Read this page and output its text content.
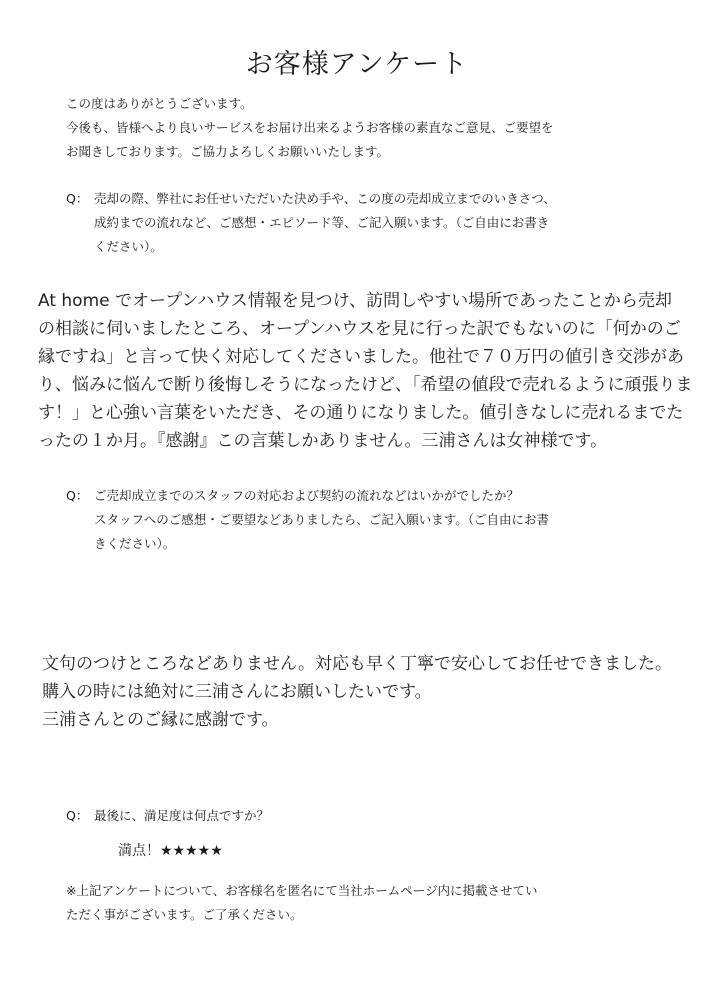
お客様アンケート
この度はありがとうございます。
今後も、皆様へより良いサービスをお届け出来るようお客様の素直なご意見、ご要望を
お聞きしております。ご協力よろしくお願いいたします。
Q： 売却の際、弊社にお任せいただいた決め手や、この度の売却成立までのいきさつ、
成約までの流れなど、ご感想・エピソード等、ご記入願います。（ご自由にお書き
ください）。
At home でオープンハウス情報を見つけ、訪問しやすい場所であったことから売却
の相談に伺いましたところ、オープンハウスを見に行った訳でもないのに「何かのご
縁ですね」と言って快く対応してくださいました。他社で７０万円の値引き交渉があ
り、悩みに悩んで断り後悔しそうになったけど、「希望の値段で売れるように頑張りま
す！」と心強い言葉をいただき、その通りになりました。値引きなしに売れるまでた
ったの１か月。『感謝』この言葉しかありません。三浦さんは女神様です。
Q： ご売却成立までのスタッフの対応および契約の流れなどはいかがでしたか？
スタッフへのご感想・ご要望などありましたら、ご記入願います。（ご自由にお書
きください）。
文句のつけところなどありません。対応も早く丁寧で安心してお任せできました。
購入の時には絶対に三浦さんにお願いしたいです。
三浦さんとのご縁に感謝です。
Q： 最後に、満足度は何点ですか？
満点！★★★★★
※上記アンケートについて、お客様名を匿名にて当社ホームページ内に掲載させてい
ただく事がございます。ご了承ください。
